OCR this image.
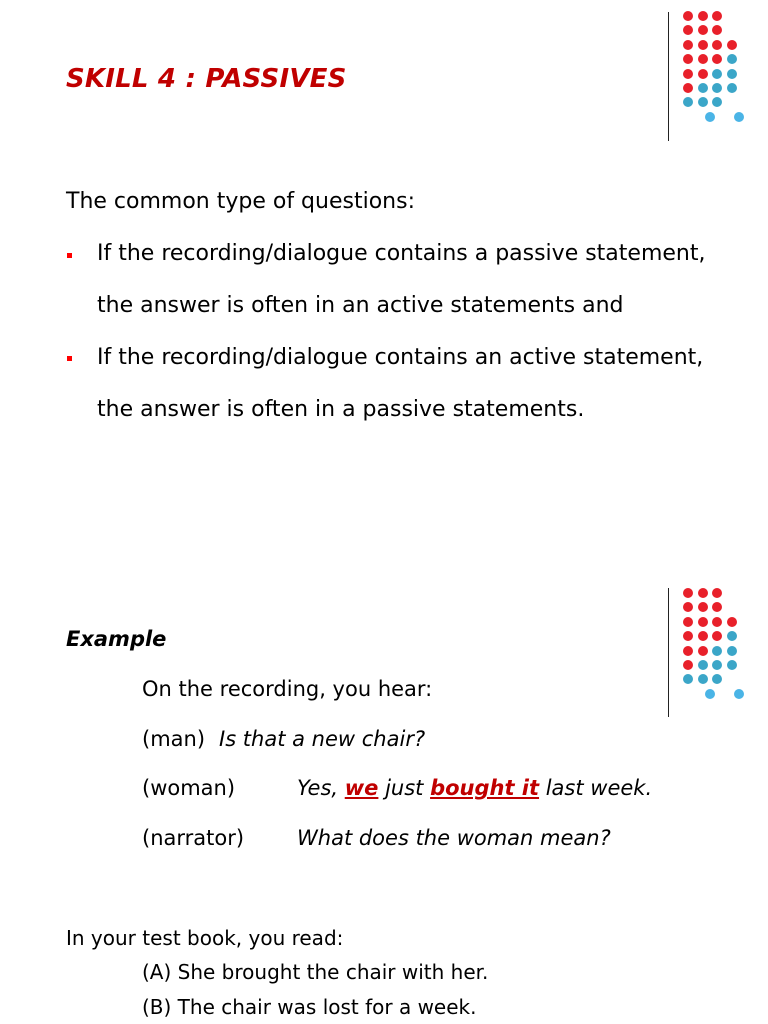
SKILL 4 : PASSIVES
The common type of questions:
If the recording/dialogue contains a passive statement,
the answer is often in an active statements and
If the recording/dialogue contains an active statement,
the answer is often in a passive statements.
Example
On the recording, you hear:
(man) Is that a new chair?
(woman)	Yes, we just bought it last week.
(narrator)	What does the woman mean?
In your test book, you read:
(A) She brought the chair with her.
(B) The chair was lost for a week.
